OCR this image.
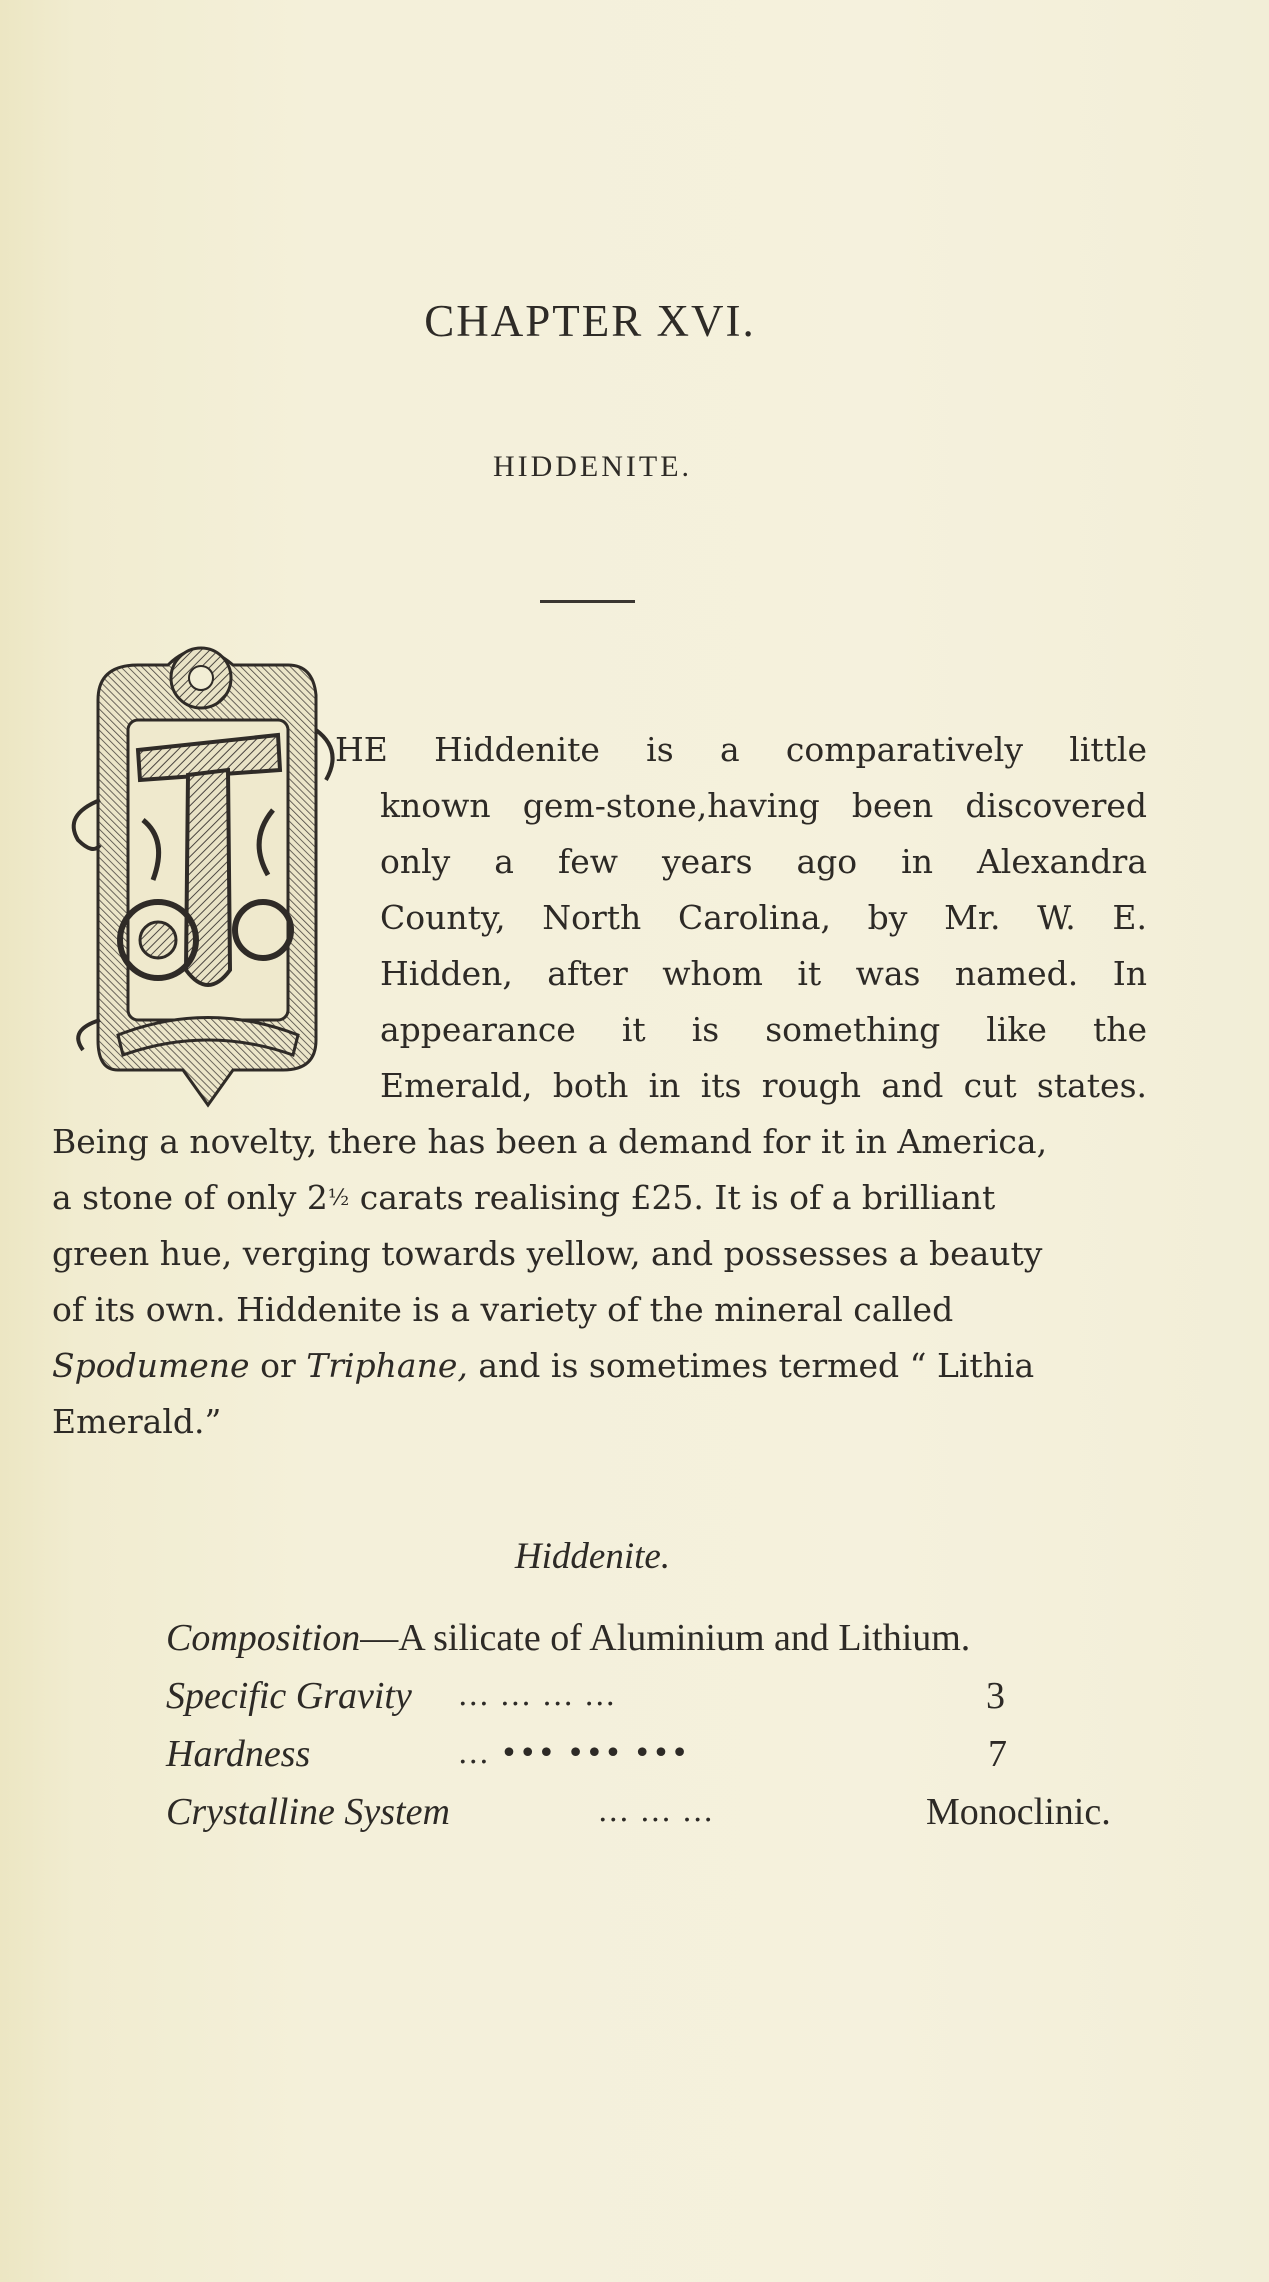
CHAPTER XVI.
HIDDENITE.
HE Hiddenite is a comparatively little
known gem-stone,having been discovered
only a few years ago in Alexandra
County, North Carolina, by Mr. W. E.
Hidden, after whom it was named. In
appearance it is something like the
Emerald, both in its rough and cut states.
Being a novelty, there has been a demand for it in America,
a stone of only 2½ carats realising £25. It is of a brilliant
green hue, verging towards yellow, and possesses a beauty
of its own. Hiddenite is a variety of the mineral called
Spodumene or Triphane, and is sometimes termed “ Lithia
Emerald.”
Hiddenite.
Composition—A silicate of Aluminium and Lithium.
Specific Gravity ... ... ... ...	3
Hardness	... ••• ••• •••	7
Crystalline System	... ... ...	Monoclinic.
